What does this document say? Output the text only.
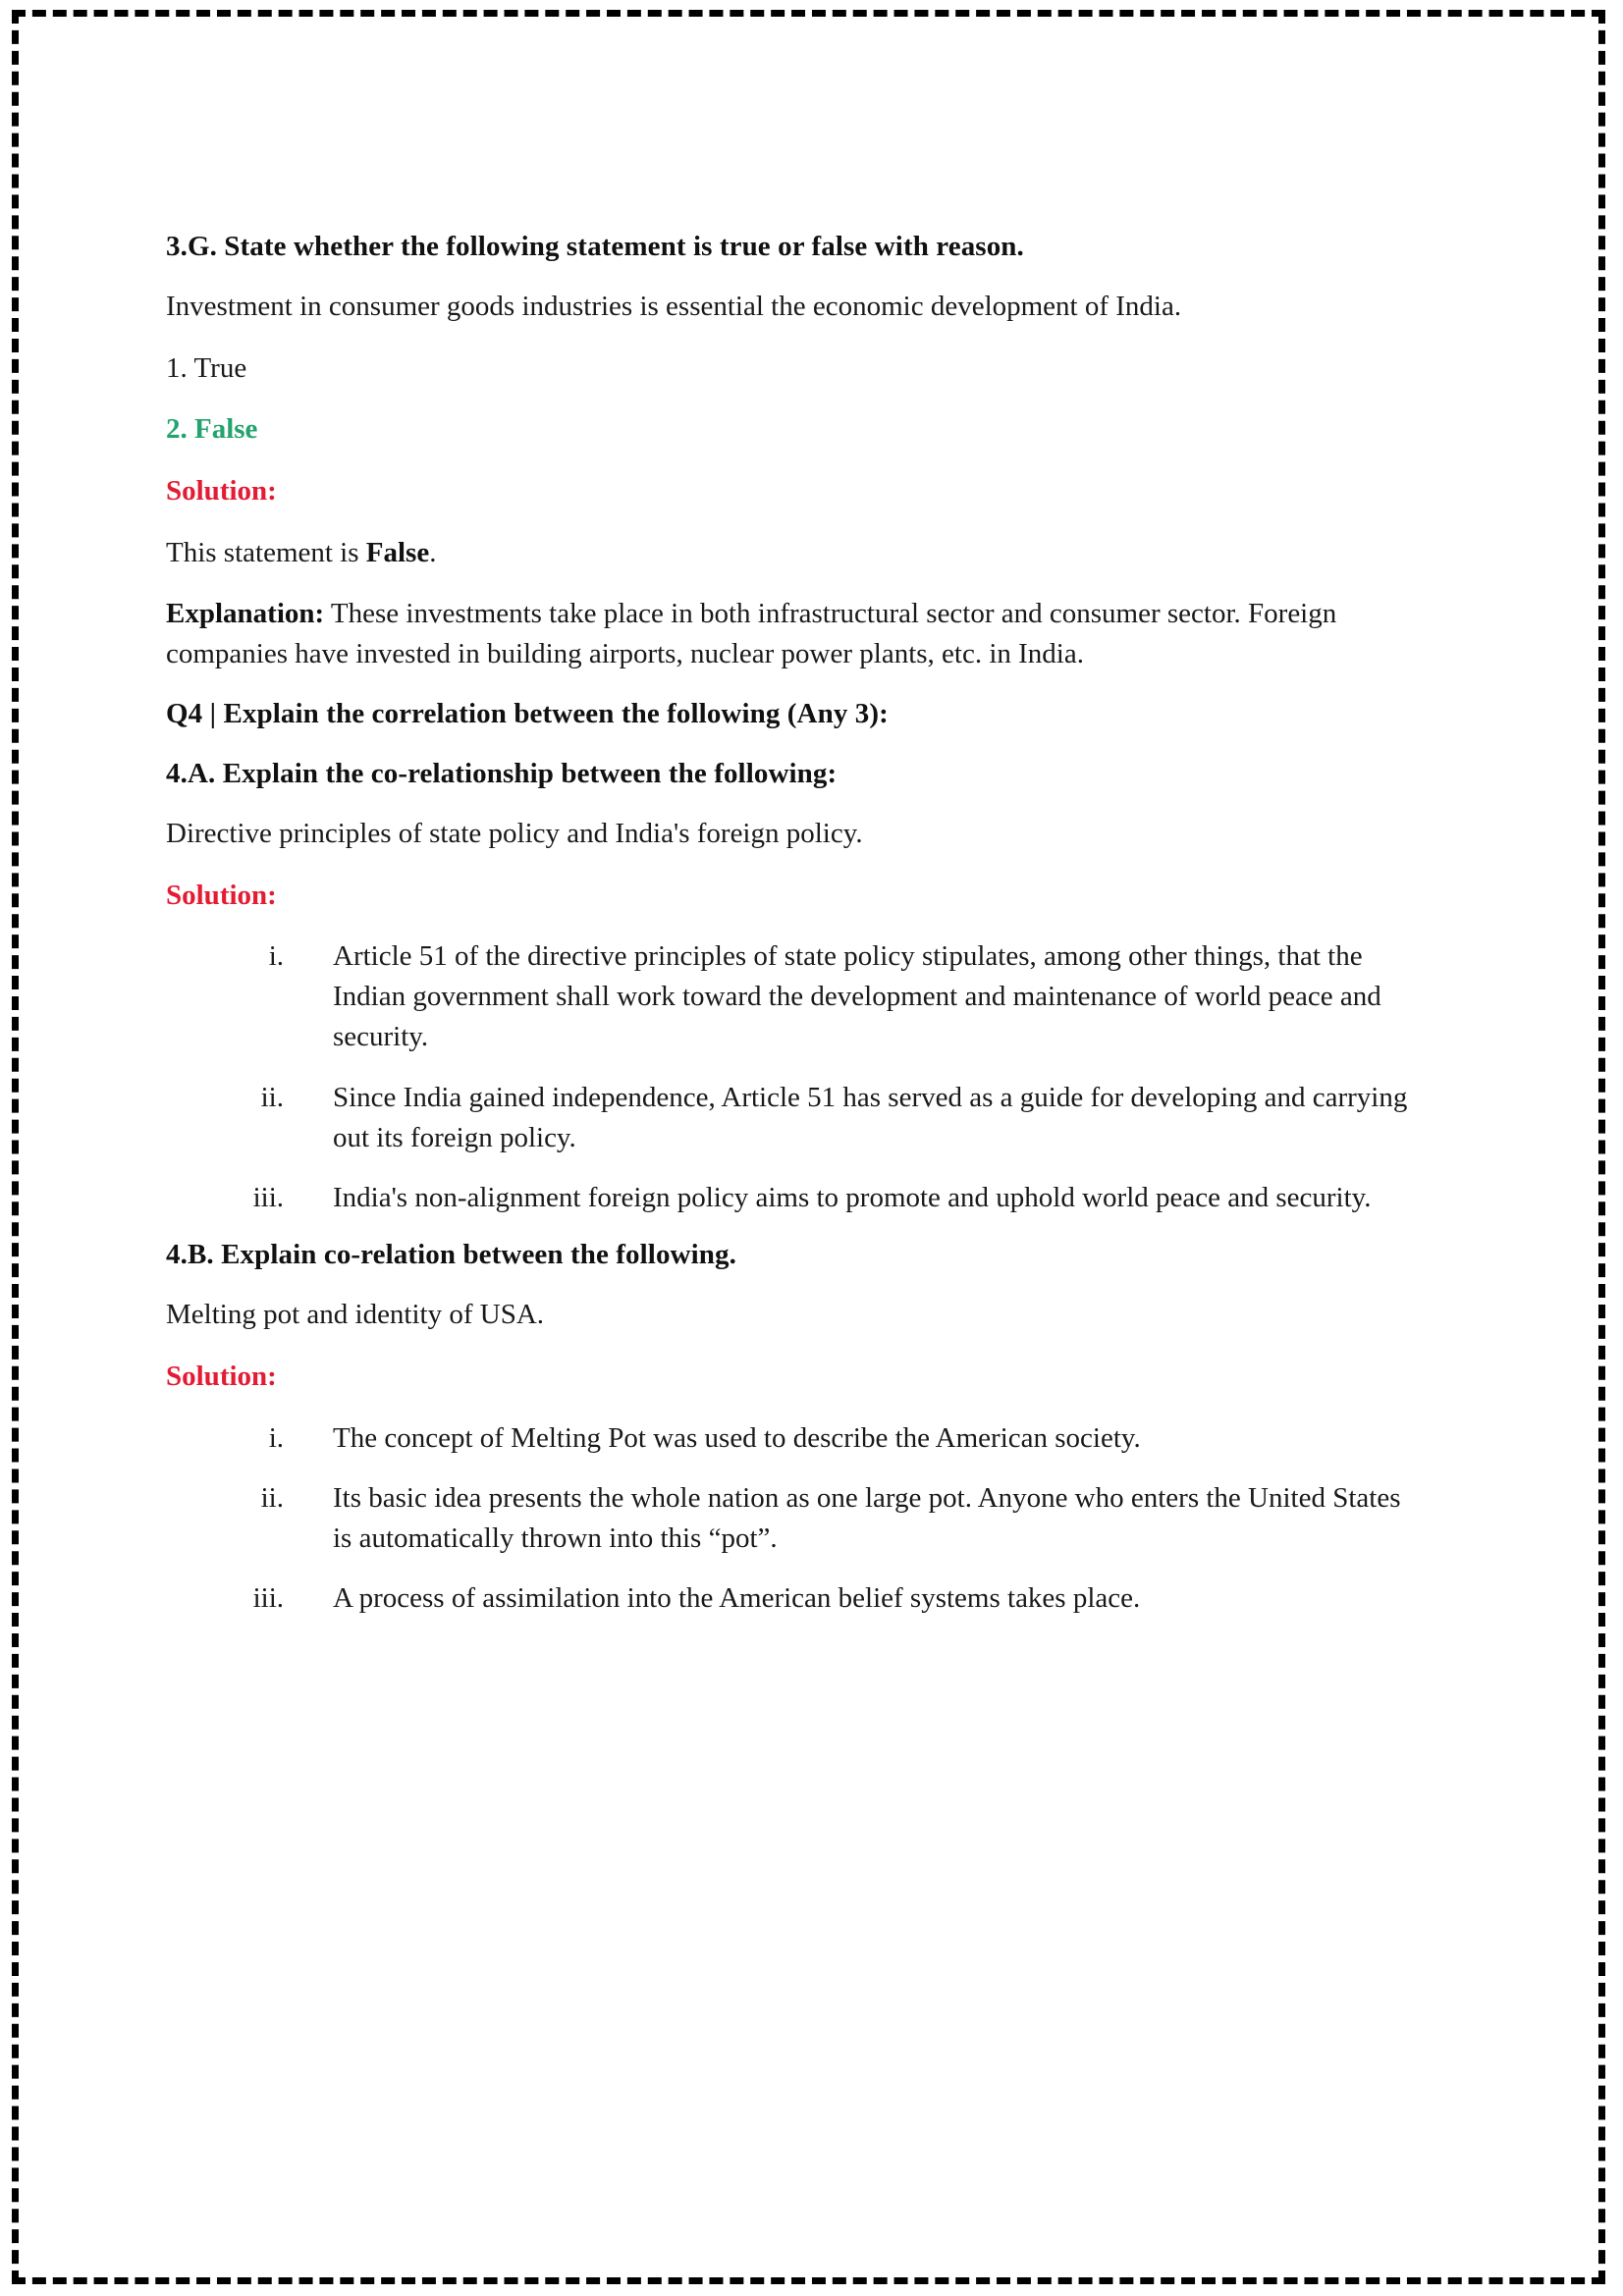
3.G. State whether the following statement is true or false with reason.
Investment in consumer goods industries is essential the economic development of India.
1. True
2. False
Solution:
This statement is False.
Explanation: These investments take place in both infrastructural sector and consumer sector. Foreign companies have invested in building airports, nuclear power plants, etc. in India.
Q4 | Explain the correlation between the following (Any 3):
4.A. Explain the co-relationship between the following:
Directive principles of state policy and India's foreign policy.
Solution:
Article 51 of the directive principles of state policy stipulates, among other things, that the Indian government shall work toward the development and maintenance of world peace and security.
Since India gained independence, Article 51 has served as a guide for developing and carrying out its foreign policy.
India's non-alignment foreign policy aims to promote and uphold world peace and security.
4.B. Explain co-relation between the following.
Melting pot and identity of USA.
Solution:
The concept of Melting Pot was used to describe the American society.
Its basic idea presents the whole nation as one large pot. Anyone who enters the United States is automatically thrown into this “pot”.
A process of assimilation into the American belief systems takes place.
